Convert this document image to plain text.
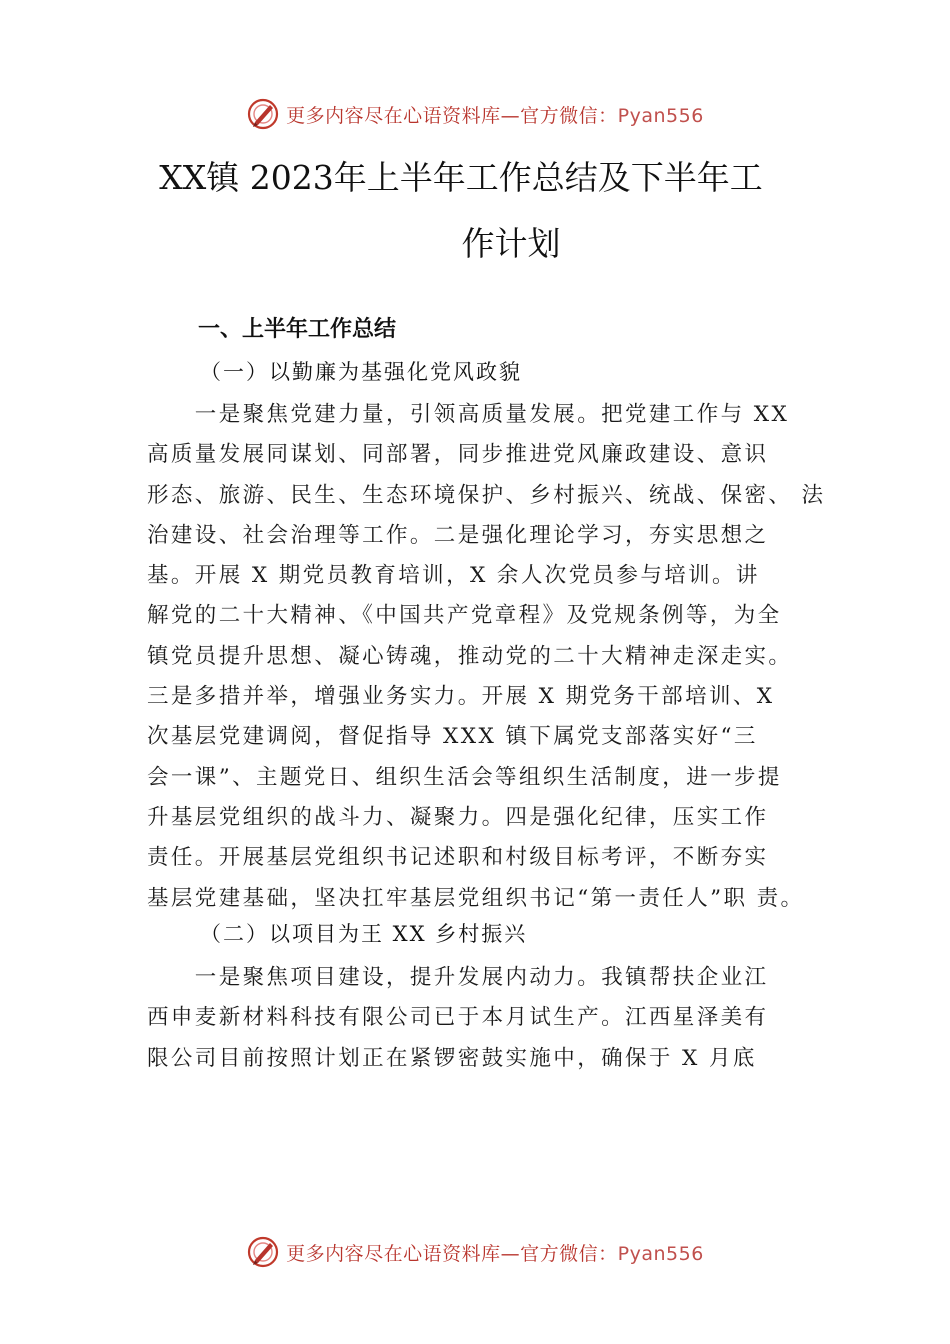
更多内容尽在心语资料库—官方微信：Pyan556
XX镇 2023年上半年工作总结及下半年工
作计划
一、上半年工作总结
（一）以勤廉为基强化党风政貌
　　一是聚焦党建力量，引领高质量发展。把党建工作与 XX
高质量发展同谋划、同部署，同步推进党风廉政建设、意识
形态、旅游、民生、生态环境保护、乡村振兴、统战、保密、 法
治建设、社会治理等工作。二是强化理论学习，夯实思想之
基。开展 X 期党员教育培训，X 余人次党员参与培训。讲
解党的二十大精神、《中国共产党章程》及党规条例等，为全
镇党员提升思想、凝心铸魂，推动党的二十大精神走深走实。
三是多措并举，增强业务实力。开展 X 期党务干部培训、X
次基层党建调阅，督促指导 XXX 镇下属党支部落实好“三
会一课”、主题党日、组织生活会等组织生活制度，进一步提
升基层党组织的战斗力、凝聚力。四是强化纪律，压实工作
责任。开展基层党组织书记述职和村级目标考评，不断夯实
基层党建基础，坚决扛牢基层党组织书记“第一责任人”职 责。
（二）以项目为王 XX 乡村振兴
　　一是聚焦项目建设，提升发展内动力。我镇帮扶企业江
西申麦新材料科技有限公司已于本月试生产。江西星泽美有
限公司目前按照计划正在紧锣密鼓实施中，确保于 X 月底
更多内容尽在心语资料库—官方微信：Pyan556
